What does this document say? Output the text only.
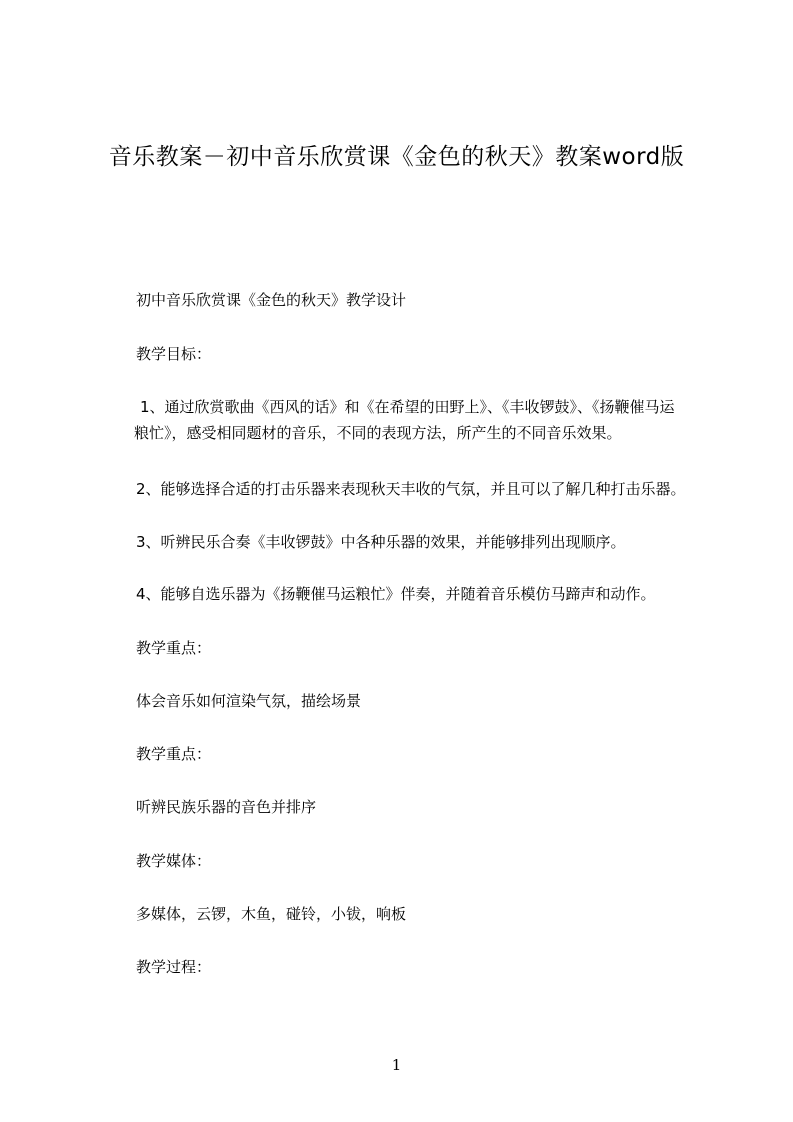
音乐教案－初中音乐欣赏课《金色的秋天》教案word版

初中音乐欣赏课《金色的秋天》教学设计

教学目标：

1、通过欣赏歌曲《西风的话》和《在希望的田野上》、《丰收锣鼓》、《扬鞭催马运
粮忙》，感受相同题材的音乐，不同的表现方法，所产生的不同音乐效果。

2、能够选择合适的打击乐器来表现秋天丰收的气氛，并且可以了解几种打击乐器。

3、听辨民乐合奏《丰收锣鼓》中各种乐器的效果，并能够排列出现顺序。

4、能够自选乐器为《扬鞭催马运粮忙》伴奏，并随着音乐模仿马蹄声和动作。

教学重点：

体会音乐如何渲染气氛，描绘场景

教学重点：

听辨民族乐器的音色并排序

教学媒体：

多媒体，云锣，木鱼，碰铃，小钹，响板

教学过程：

1
